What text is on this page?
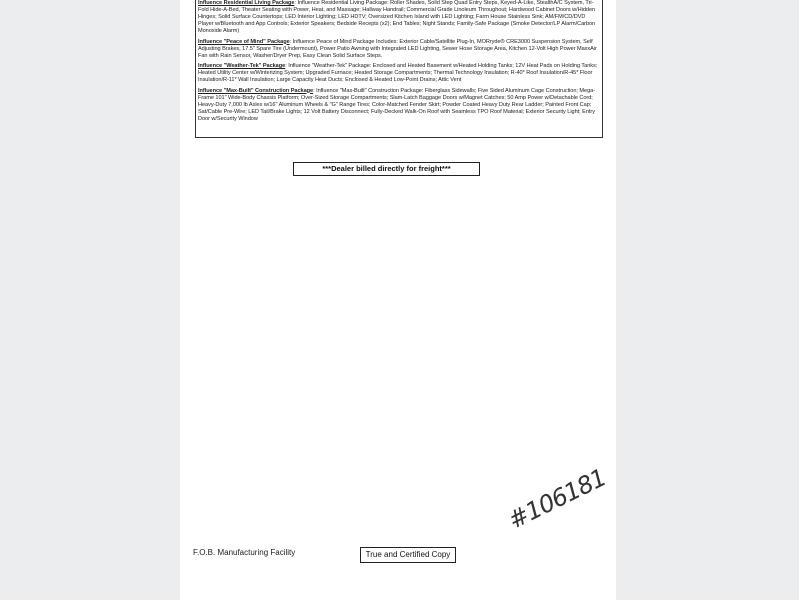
Influence Residential Living Package: Influence Residential Living Package: Roller Shades, Solid Step Quad Entry Steps, Keyed-A-Like, StealthA/C System, Tri-Fold Hide-A-Bed, Theater Seating with Power, Heat, and Massage; Hallway Handrail; Commercial Grade Linoleum Throughout; Hardwood Cabinet Doors w/Hidden Hinges; Solid Surface Countertops; LED Interior Lighting; LED HDTV; Oversized Kitchen Island with LED Lighting; Farm House Stainless Sink; AM/FM/CD/DVD Player w/Bluetooth and App Controls; Exterior Speakers; Bedside Recepts (x2); End Tables; Night Stands; Family-Safe Package (Smoke Detector/LP Alarm/Carbon Monoxide Alarm)

Influence "Peace of Mind" Package: Influence Peace of Mind Package Includes: Exterior Cable/Satellite Plug-In, MORryde® CRE3000 Suspension System, Self Adjusting Brakes, 17.5" Spare Tire (Undermount), Power Patio Awning with Integrated LED Lighting, Sewer Hose Storage Area, Kitchen 12-Volt High Power MaxxAir Fan with Rain Sensor, Washer/Dryer Prep, Easy Clean Solid Surface Steps.

Influence "Weather-Tek" Package: Influence "Weather-Tek" Package: Enclosed and Heated Basement w/Heated Holding Tanks; 12V Heat Pads on Holding Tanks; Heated Utility Center w/Winterizing System; Upgraded Furnace; Heated Storage Compartments; Thermal Technology Insulation; R-40* Roof Insulation/R-45* Floor Insulation/R-11* Wall Insulation; Large Capacity Heat Ducts; Enclosed & Heated Low-Point Drains; Attic Vent

Influence "Max-Built" Construction Package: Influence "Max-Built" Construction Package: Fiberglass Sidewalls; Five Sided Aluminum Cage Construction; Mega-Frame 101" Wide-Body Chassis Platform; Over-Sized Storage Compartments; Slam-Latch Baggage Doors w/Magnet Catches; 50 Amp Power w/Detachable Cord; Heavy-Duty 7,000 lb Axles w/16" Aluminum Wheels & "G" Range Tires; Color-Matched Fender Skirt; Powder Coated Heavy Duty Rear Ladder; Painted Front Cap; Sat/Cable Pre-Wire; LED Tail/Brake Lights; 12 Volt Battery Disconnect; Fully-Decked Walk-On Roof with Seamless TPO Roof Material; Exterior Security Light; Entry Door w/Security Window

***Dealer billed directly for freight***
#106181
F.O.B. Manufacturing Facility	True and Certified Copy
